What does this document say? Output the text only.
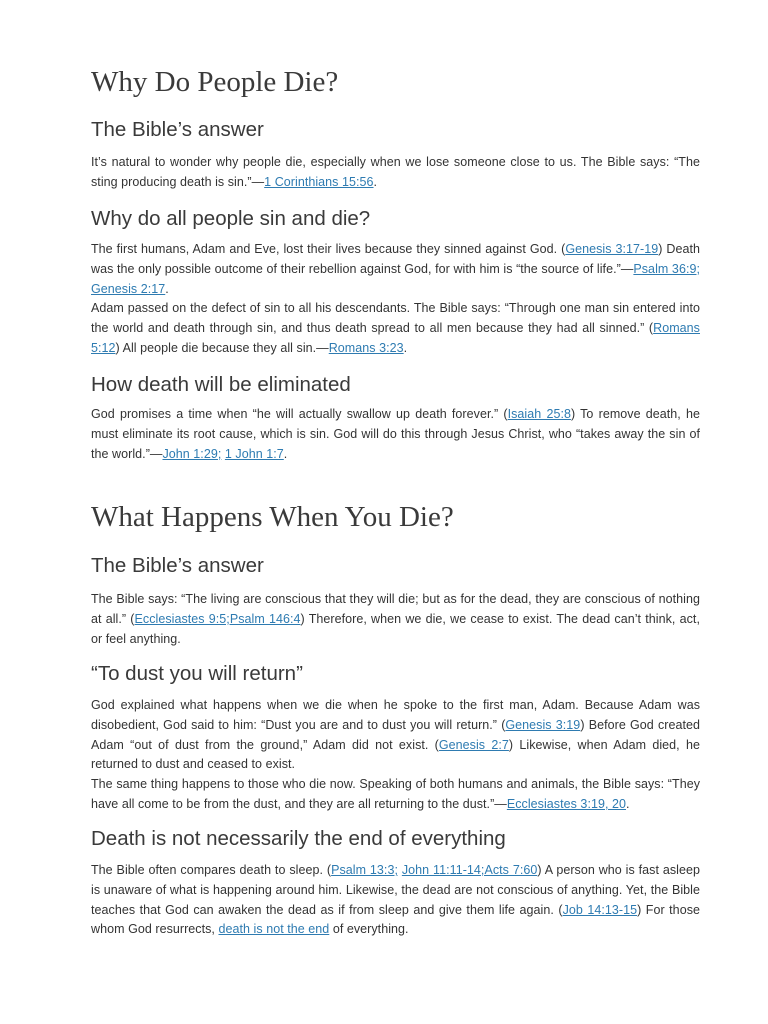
Why Do People Die?
The Bible’s answer

It’s natural to wonder why people die, especially when we lose someone close to us. The Bible says: “The sting producing death is sin.”—1 Corinthians 15:56.

Why do all people sin and die?

The first humans, Adam and Eve, lost their lives because they sinned against God. (Genesis 3:17-19) Death was the only possible outcome of their rebellion against God, for with him is “the source of life.”—Psalm 36:9; Genesis 2:17.

Adam passed on the defect of sin to all his descendants. The Bible says: “Through one man sin entered into the world and death through sin, and thus death spread to all men because they had all sinned.” (Romans 5:12) All people die because they all sin.—Romans 3:23.

How death will be eliminated

God promises a time when “he will actually swallow up death forever.” (Isaiah 25:8) To remove death, he must eliminate its root cause, which is sin. God will do this through Jesus Christ, who “takes away the sin of the world.”—John 1:29; 1 John 1:7.

What Happens When You Die?
The Bible’s answer

The Bible says: “The living are conscious that they will die; but as for the dead, they are conscious of nothing at all.” (Ecclesiastes 9:5;Psalm 146:4) Therefore, when we die, we cease to exist. The dead can’t think, act, or feel anything.

“To dust you will return”

God explained what happens when we die when he spoke to the first man, Adam. Because Adam was disobedient, God said to him: “Dust you are and to dust you will return.” (Genesis 3:19) Before God created Adam “out of dust from the ground,” Adam did not exist. (Genesis 2:7) Likewise, when Adam died, he returned to dust and ceased to exist.

The same thing happens to those who die now. Speaking of both humans and animals, the Bible says: “They have all come to be from the dust, and they are all returning to the dust.”—Ecclesiastes 3:19, 20.

Death is not necessarily the end of everything

The Bible often compares death to sleep. (Psalm 13:3; John 11:11-14;Acts 7:60) A person who is fast asleep is unaware of what is happening around him. Likewise, the dead are not conscious of anything. Yet, the Bible teaches that God can awaken the dead as if from sleep and give them life again. (Job 14:13-15) For those whom God resurrects, death is not the end of everything.
